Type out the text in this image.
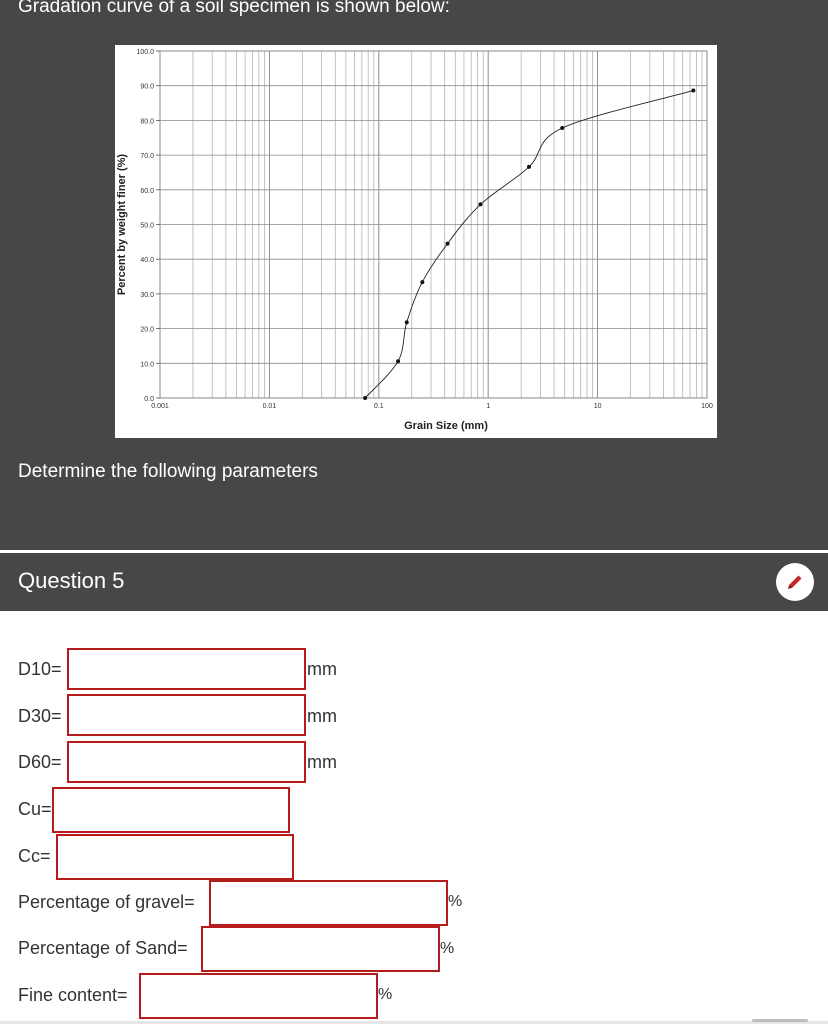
Gradation curve of a soil specimen is shown below:
0.0
10.0
20.0
30.0
40.0
50.0
60.0
70.0
80.0
90.0
100.0
0.001	0.01	0.1	1	10	100
Grain Size (mm)
Percent by weight finer (%)
Determine the following parameters
Question 5
D10=	mm
D30=	mm
D60=	mm
Cu=
Cc=
Percentage of gravel=	%
Percentage of Sand=	%
Fine content=	%
